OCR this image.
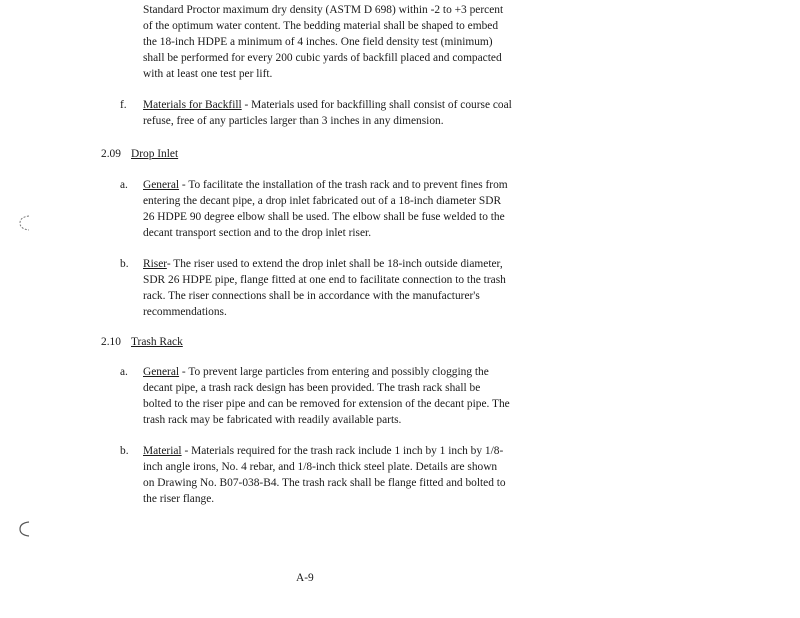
Standard Proctor maximum dry density (ASTM D 698) within -2 to +3 percent
of the optimum water content. The bedding material shall be shaped to embed
the 18-inch HDPE a minimum of 4 inches. One field density test (minimum)
shall be performed for every 200 cubic yards of backfill placed and compacted
with at least one test per lift.
f. Materials for Backfill - Materials used for backfilling shall consist of course coal
refuse, free of any particles larger than 3 inches in any dimension.
2.09 Drop Inlet
a. General - To facilitate the installation of the trash rack and to prevent fines from
entering the decant pipe, a drop inlet fabricated out of a 18-inch diameter SDR
26 HDPE 90 degree elbow shall be used. The elbow shall be fuse welded to the
decant transport section and to the drop inlet riser.
b. Riser- The riser used to extend the drop inlet shall be 18-inch outside diameter,
SDR 26 HDPE pipe, flange fitted at one end to facilitate connection to the trash
rack. The riser connections shall be in accordance with the manufacturer's
recommendations.
2.10 Trash Rack
a. General - To prevent large particles from entering and possibly clogging the
decant pipe, a trash rack design has been provided. The trash rack shall be
bolted to the riser pipe and can be removed for extension of the decant pipe. The
trash rack may be fabricated with readily available parts.
b. Material - Materials required for the trash rack include 1 inch by 1 inch by 1/8-
inch angle irons, No. 4 rebar, and 1/8-inch thick steel plate. Details are shown
on Drawing No. B07-038-B4. The trash rack shall be flange fitted and bolted to
the riser flange.
A-9
